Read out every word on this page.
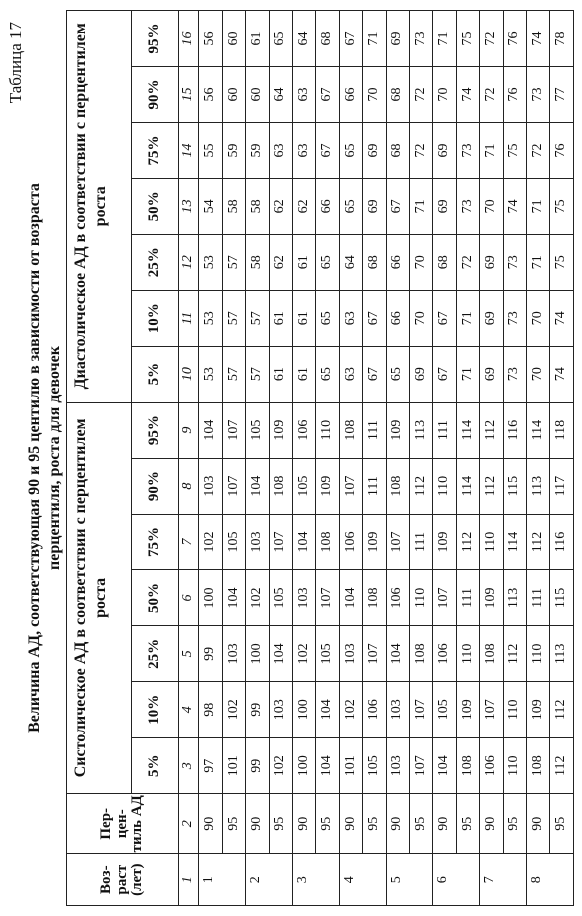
Таблица 17
Величина АД, соответствующая 90 и 95 центилю в зависимости от возраста перцентиля, роста для девочек
Воз- раст (лет)	Пер- цен- тиль АД	Систолическое АД в соответствии с перцентилем роста							Диастолическое АД в соответствии с перцентилем роста						
		5%	10%	25%	50%	75%	90%	95%	5%	10%	25%	50%	75%	90%	95%
1	2	3	4	5	6	7	8	9	10	11	12	13	14	15	16
1	90	97	98	99	100	102	103	104	53	53	53	54	55	56	56
	95	101	102	103	104	105	107	107	57	57	57	58	59	60	60
2	90	99	99	100	102	103	104	105	57	57	58	58	59	60	61
	95	102	103	104	105	107	108	109	61	61	62	62	63	64	65
3	90	100	100	102	103	104	105	106	61	61	61	62	63	63	64
	95	104	104	105	107	108	109	110	65	65	65	66	67	67	68
4	90	101	102	103	104	106	107	108	63	63	64	65	65	66	67
	95	105	106	107	108	109	111	111	67	67	68	69	69	70	71
5	90	103	103	104	106	107	108	109	65	66	66	67	68	68	69
	95	107	107	108	110	111	112	113	69	70	70	71	72	72	73
6	90	104	105	106	107	109	110	111	67	67	68	69	69	70	71
	95	108	109	110	111	112	114	114	71	71	72	73	73	74	75
7	90	106	107	108	109	110	112	112	69	69	69	70	71	72	72
	95	110	110	112	113	114	115	116	73	73	73	74	75	76	76
8	90	108	109	110	111	112	113	114	70	70	71	71	72	73	74
	95	112	112	113	115	116	117	118	74	74	75	75	76	77	78
